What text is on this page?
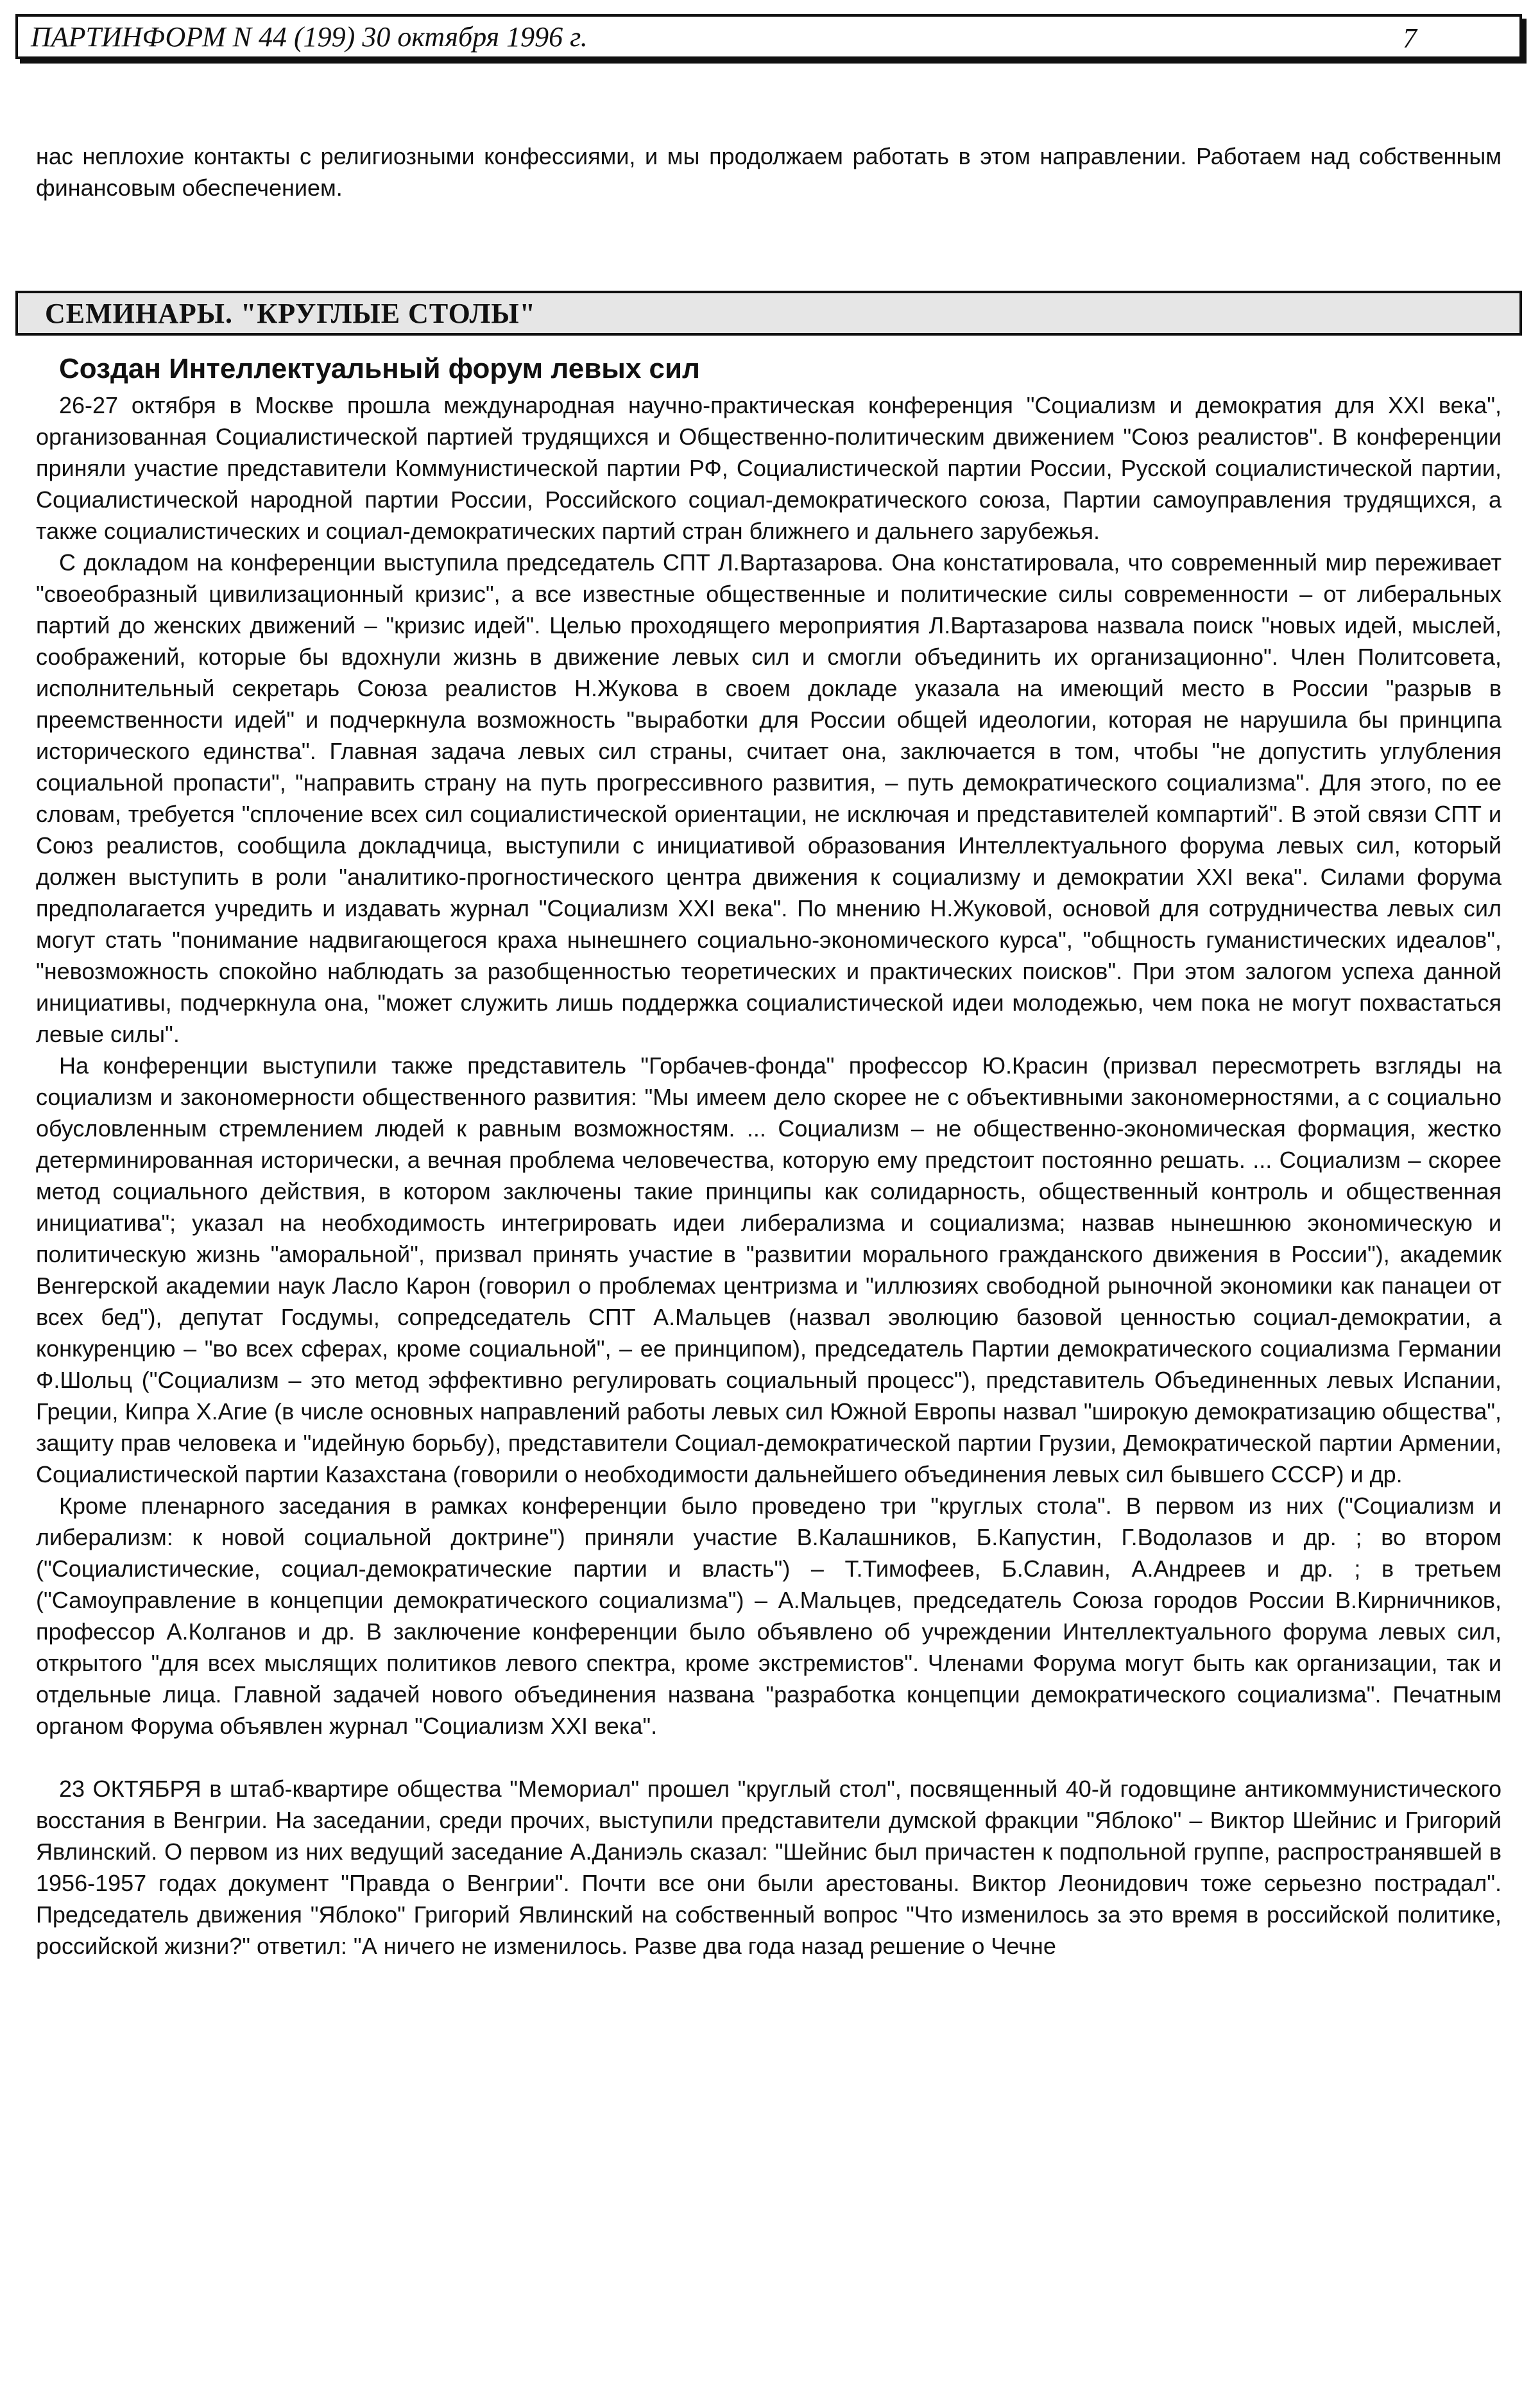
ПАРТИНФОРМ N 44 (199) 30 октября 1996 г.	7

нас неплохие контакты с религиозными конфессиями, и мы продолжаем работать в этом направлении. Работаем над собственным финансовым обеспечением.

СЕМИНАРЫ. "КРУГЛЫЕ СТОЛЫ"
Создан Интеллектуальный форум левых сил

26-27 октября в Москве прошла международная научно-практическая конференция "Социализм и демократия для XXI века", организованная Социалистической партией трудящихся и Общественно-политическим движением "Союз реалистов". В конференции приняли участие представители Коммунистической партии РФ, Социалистической партии России, Русской социалистической партии, Социалистической народной партии России, Российского социал-демократического союза, Партии самоуправления трудящихся, а также социалистических и социал-демократических партий стран ближнего и дальнего зарубежья.

С докладом на конференции выступила председатель СПТ Л.Вартазарова. Она констатировала, что современный мир переживает "своеобразный цивилизационный кризис", а все известные общественные и политические силы современности – от либеральных партий до женских движений – "кризис идей". Целью проходящего мероприятия Л.Вартазарова назвала поиск "новых идей, мыслей, соображений, которые бы вдохнули жизнь в движение левых сил и смогли объединить их организационно". Член Политсовета, исполнительный секретарь Союза реалистов Н.Жукова в своем докладе указала на имеющий место в России "разрыв в преемственности идей" и подчеркнула возможность "выработки для России общей идеологии, которая не нарушила бы принципа исторического единства". Главная задача левых сил страны, считает она, заключается в том, чтобы "не допустить углубления социальной пропасти", "направить страну на путь прогрессивного развития, – путь демократического социализма". Для этого, по ее словам, требуется "сплочение всех сил социалистической ориентации, не исключая и представителей компартий". В этой связи СПТ и Союз реалистов, сообщила докладчица, выступили с инициативой образования Интеллектуального форума левых сил, который должен выступить в роли "аналитико-прогностического центра движения к социализму и демократии XXI века". Силами форума предполагается учредить и издавать журнал "Социализм XXI века". По мнению Н.Жуковой, основой для сотрудничества левых сил могут стать "понимание надвигающегося краха нынешнего социально-экономического курса", "общность гуманистических идеалов", "невозможность спокойно наблюдать за разобщенностью теоретических и практических поисков". При этом залогом успеха данной инициативы, подчеркнула она, "может служить лишь поддержка социалистической идеи молодежью, чем пока не могут похвастаться левые силы".

На конференции выступили также представитель "Горбачев-фонда" профессор Ю.Красин (призвал пересмотреть взгляды на социализм и закономерности общественного развития: "Мы имеем дело скорее не с объективными закономерностями, а с социально обусловленным стремлением людей к равным возможностям. ... Социализм – не общественно-экономическая формация, жестко детерминированная исторически, а вечная проблема человечества, которую ему предстоит постоянно решать. ... Социализм – скорее метод социального действия, в котором заключены такие принципы как солидарность, общественный контроль и общественная инициатива"; указал на необходимость интегрировать идеи либерализма и социализма; назвав нынешнюю экономическую и политическую жизнь "аморальной", призвал принять участие в "развитии морального гражданского движения в России"), академик Венгерской академии наук Ласло Карон (говорил о проблемах центризма и "иллюзиях свободной рыночной экономики как панацеи от всех бед"), депутат Госдумы, сопредседатель СПТ А.Мальцев (назвал эволюцию базовой ценностью социал-демократии, а конкуренцию – "во всех сферах, кроме социальной", – ее принципом), председатель Партии демократического социализма Германии Ф.Шольц ("Социализм – это метод эффективно регулировать социальный процесс"), представитель Объединенных левых Испании, Греции, Кипра Х.Агие (в числе основных направлений работы левых сил Южной Европы назвал "широкую демократизацию общества", защиту прав человека и "идейную борьбу), представители Социал-демократической партии Грузии, Демократической партии Армении, Социалистической партии Казахстана (говорили о необходимости дальнейшего объединения левых сил бывшего СССР) и др.

Кроме пленарного заседания в рамках конференции было проведено три "круглых стола". В первом из них ("Социализм и либерализм: к новой социальной доктрине") приняли участие В.Калашников, Б.Капустин, Г.Водолазов и др. ; во втором ("Социалистические, социал-демократические партии и власть") – Т.Тимофеев, Б.Славин, А.Андреев и др. ; в третьем ("Самоуправление в концепции демократического социализма") – А.Мальцев, председатель Союза городов России В.Кирничников, профессор А.Колганов и др. В заключение конференции было объявлено об учреждении Интеллектуального форума левых сил, открытого "для всех мыслящих политиков левого спектра, кроме экстремистов". Членами Форума могут быть как организации, так и отдельные лица. Главной задачей нового объединения названа "разработка концепции демократического социализма". Печатным органом Форума объявлен журнал "Социализм XXI века".

23 ОКТЯБРЯ в штаб-квартире общества "Мемориал" прошел "круглый стол", посвященный 40-й годовщине антикоммунистического восстания в Венгрии. На заседании, среди прочих, выступили представители думской фракции "Яблоко" – Виктор Шейнис и Григорий Явлинский. О первом из них ведущий заседание А.Даниэль сказал: "Шейнис был причастен к подпольной группе, распространявшей в 1956-1957 годах документ "Правда о Венгрии". Почти все они были арестованы. Виктор Леонидович тоже серьезно пострадал". Председатель движения "Яблоко" Григорий Явлинский на собственный вопрос "Что изменилось за это время в российской политике, российской жизни?" ответил: "А ничего не изменилось. Разве два года назад решение о Чечне
